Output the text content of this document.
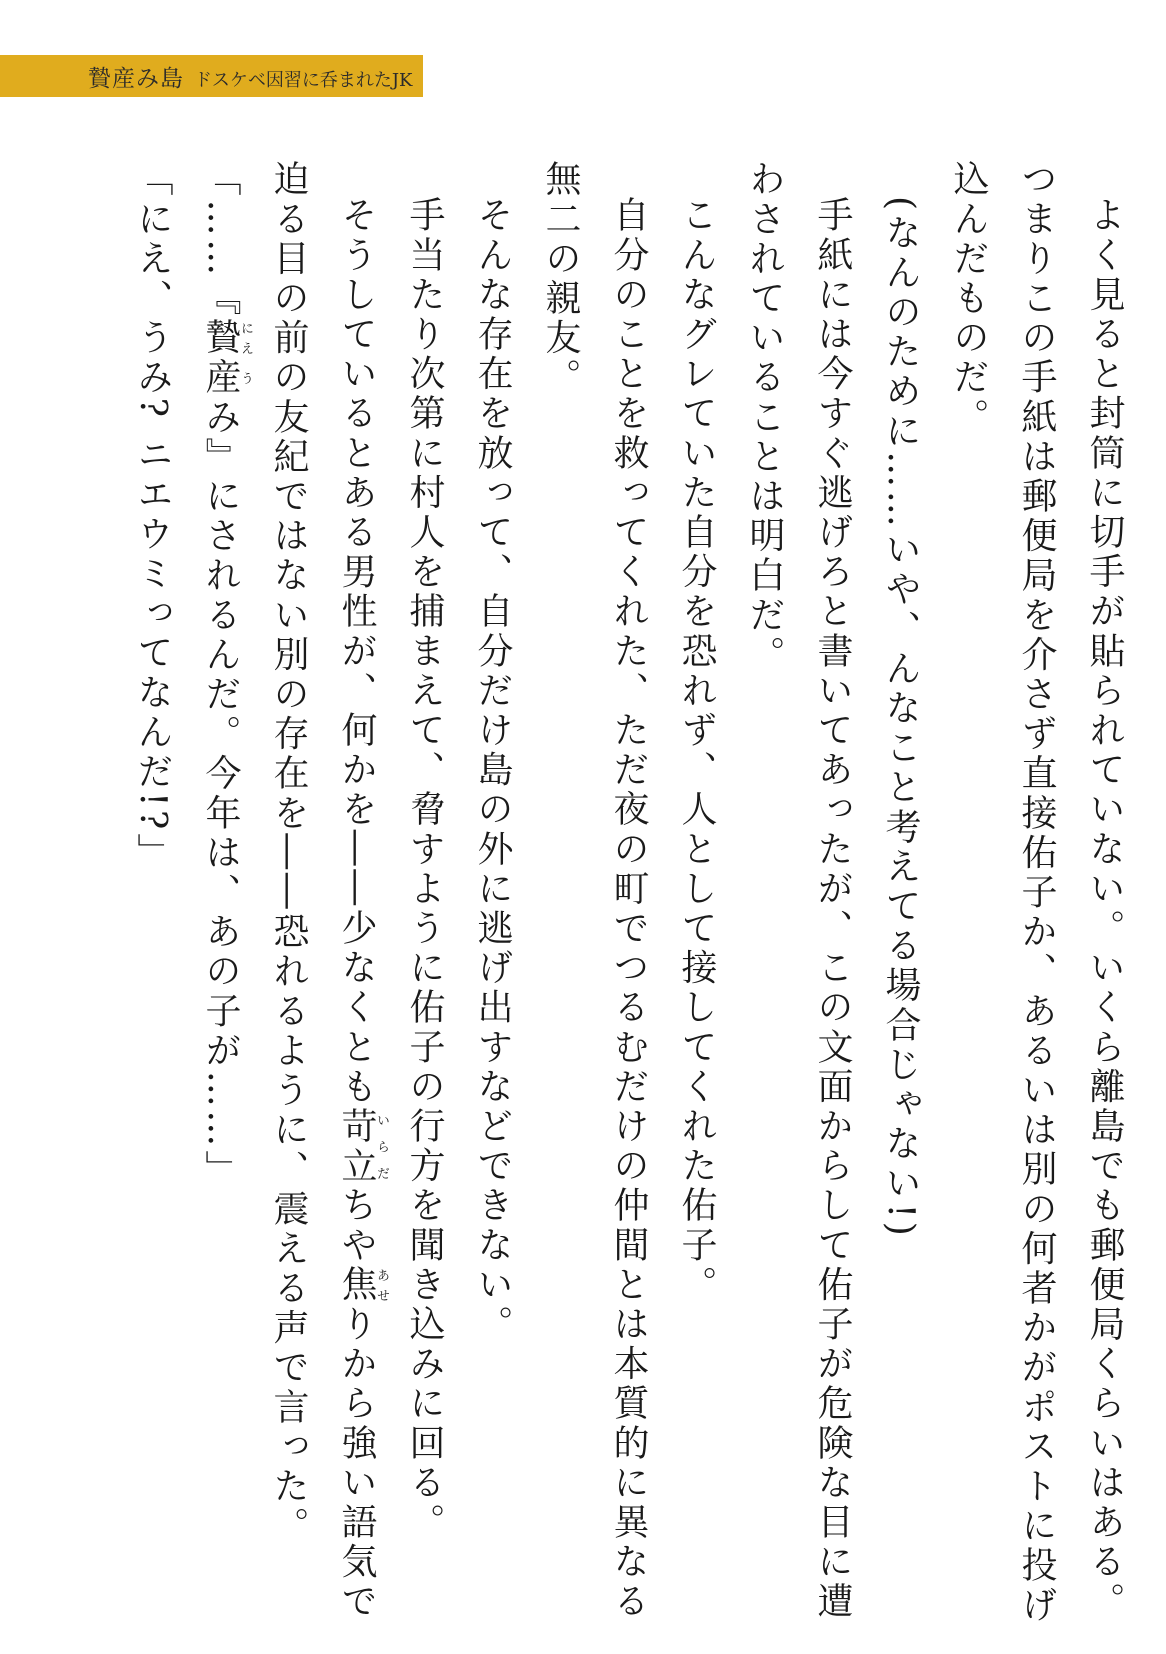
贄産み島 ドスケベ因習に呑まれたJK

よく見ると封筒に切手が貼られていない。いくら離島でも郵便局くらいはある。つまりこの手紙は郵便局を介さず直接佑子か、あるいは別の何者かがポストに投げ込んだものだ。

(なんのために……いや、んなこと考えてる場合じゃない!)

手紙には今すぐ逃げろと書いてあったが、この文面からして佑子が危険な目に遭わされていることは明白だ。

こんなグレていた自分を恐れず、人として接してくれた佑子。

自分のことを救ってくれた、ただ夜の町でつるむだけの仲間とは本質的に異なる無二の親友。

そんな存在を放って、自分だけ島の外に逃げ出すなどできない。

手当たり次第に村人を捕まえて、脅すように佑子の行方を聞き込みに回る。

そうしているとある男性が、何かを――少なくとも苛立いらだちや焦あせりから強い語気で迫る目の前の友紀ではない別の存在を――恐れるように、震える声で言った。

「……『贄にえ産うみ』にされるんだ。今年は、あの子が……」

「にえ、うみ? ニエウミってなんだ!?」
